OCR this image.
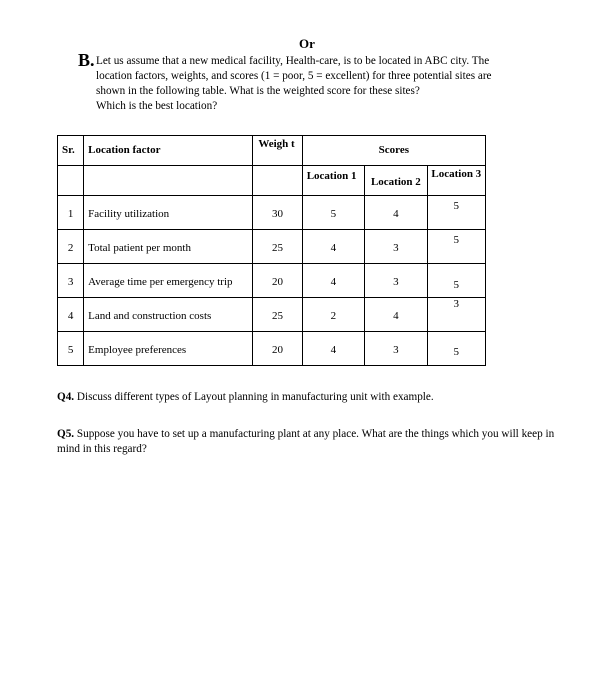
Or
B. Let us assume that a new medical facility, Health-care, is to be located in ABC city. The
location factors, weights, and scores (1 = poor, 5 = excellent) for three potential sites are
shown in the following table. What is the weighted score for these sites?
Which is the best location?
Sr.	Location factor	Weigh t	Scores		
			Location 1	Location 2	Location 3
1	Facility utilization	30	5	4	5
2	Total patient per month	25	4	3	5
3	Average time per emergency trip	20	4	3	5
4	Land and construction costs	25	2	4	3
5	Employee preferences	20	4	3	5
Q4. Discuss different types of Layout planning in manufacturing unit with example.
Q5. Suppose you have to set up a manufacturing plant at any place. What are the things which you will keep in mind in this regard?
